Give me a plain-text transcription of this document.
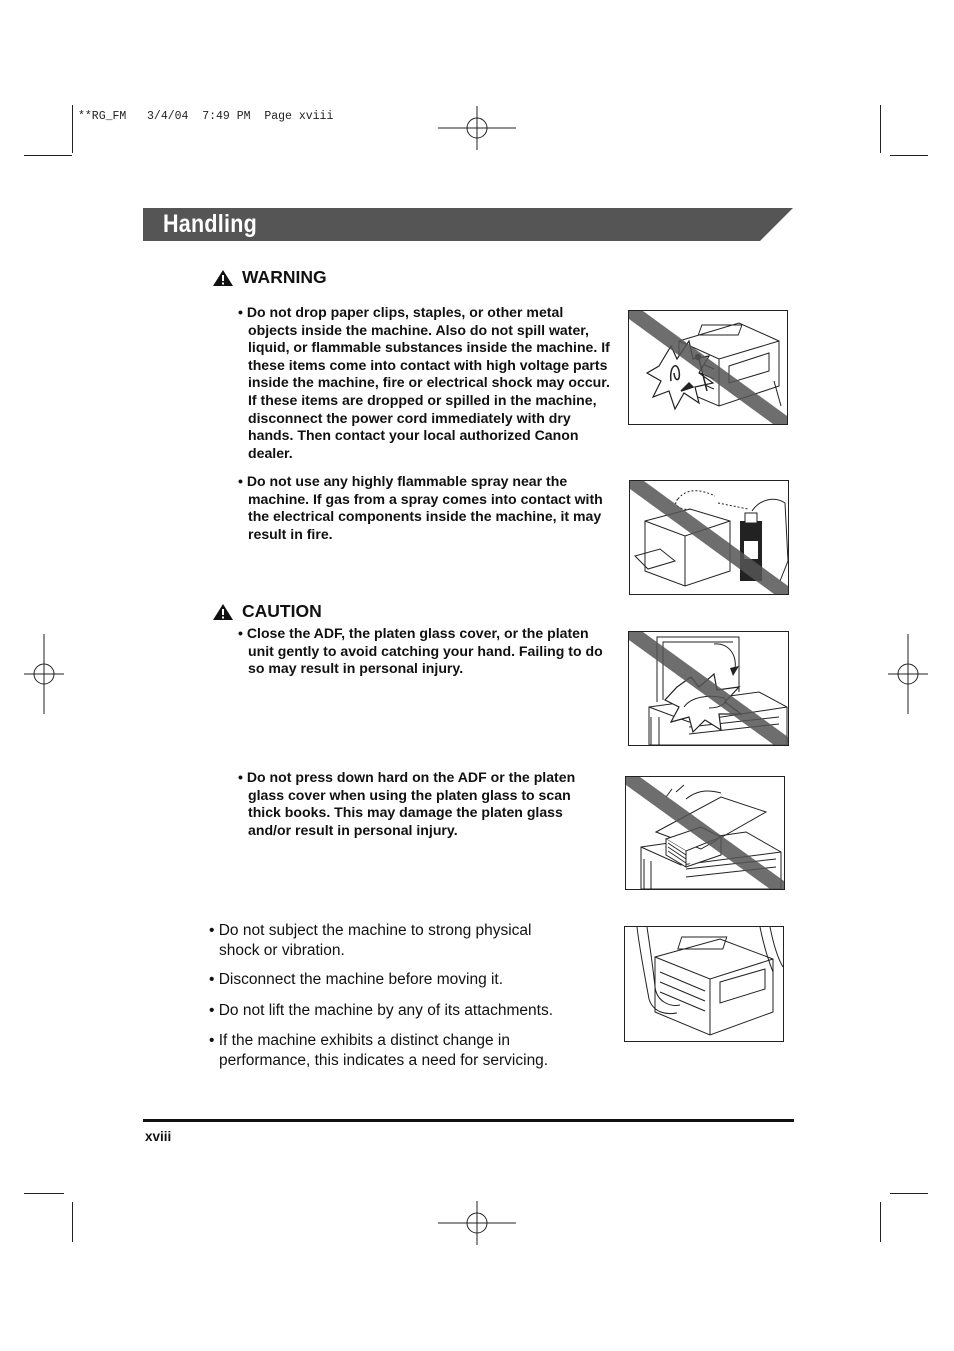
**RG_FM   3/4/04  7:49 PM  Page xviii
Handling
WARNING
• Do not drop paper clips, staples, or other metal objects inside the machine. Also do not spill water, liquid, or flammable substances inside the machine. If these items come into contact with high voltage parts inside the machine, fire or electrical shock may occur. If these items are dropped or spilled in the machine, disconnect the power cord immediately with dry hands. Then contact your local authorized Canon dealer.
• Do not use any highly flammable spray near the machine. If gas from a spray comes into contact with the electrical components inside the machine, it may result in fire.
CAUTION
• Close the ADF, the platen glass cover, or the platen unit gently to avoid catching your hand. Failing to do so may result in personal injury.
• Do not press down hard on the ADF or the platen glass cover when using the platen glass to scan thick books. This may damage the platen glass and/or result in personal injury.
• Do not subject the machine to strong physical shock or vibration.
• Disconnect the machine before moving it.
• Do not lift the machine by any of its attachments.
• If the machine exhibits a distinct change in performance, this indicates a need for servicing.
xviii
